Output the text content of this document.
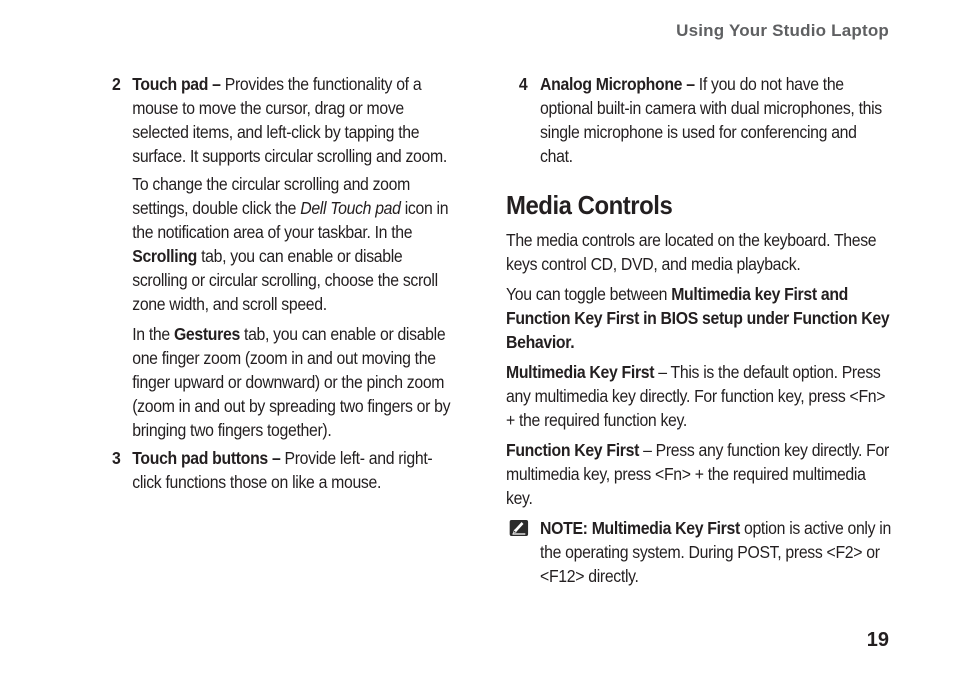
Using Your Studio Laptop
2 Touch pad – Provides the functionality of a mouse to move the cursor, drag or move selected items, and left-click by tapping the surface. It supports circular scrolling and zoom.

To change the circular scrolling and zoom settings, double click the Dell Touch pad icon in the notification area of your taskbar. In the Scrolling tab, you can enable or disable scrolling or circular scrolling, choose the scroll zone width, and scroll speed.

In the Gestures tab, you can enable or disable one finger zoom (zoom in and out moving the finger upward or downward) or the pinch zoom (zoom in and out by spreading two fingers or by bringing two fingers together).

3 Touch pad buttons – Provide left- and right-click functions those on like a mouse.

4 Analog Microphone – If you do not have the optional built-in camera with dual microphones, this single microphone is used for conferencing and chat.

Media Controls

The media controls are located on the keyboard. These keys control CD, DVD, and media playback.

You can toggle between Multimedia key First and Function Key First in BIOS setup under Function Key Behavior.

Multimedia Key First – This is the default option. Press any multimedia key directly. For function key, press <Fn> + the required function key.

Function Key First – Press any function key directly. For multimedia key, press <Fn> + the required multimedia key.

NOTE: Multimedia Key First option is active only in the operating system. During POST, press <F2> or <F12> directly.

19
